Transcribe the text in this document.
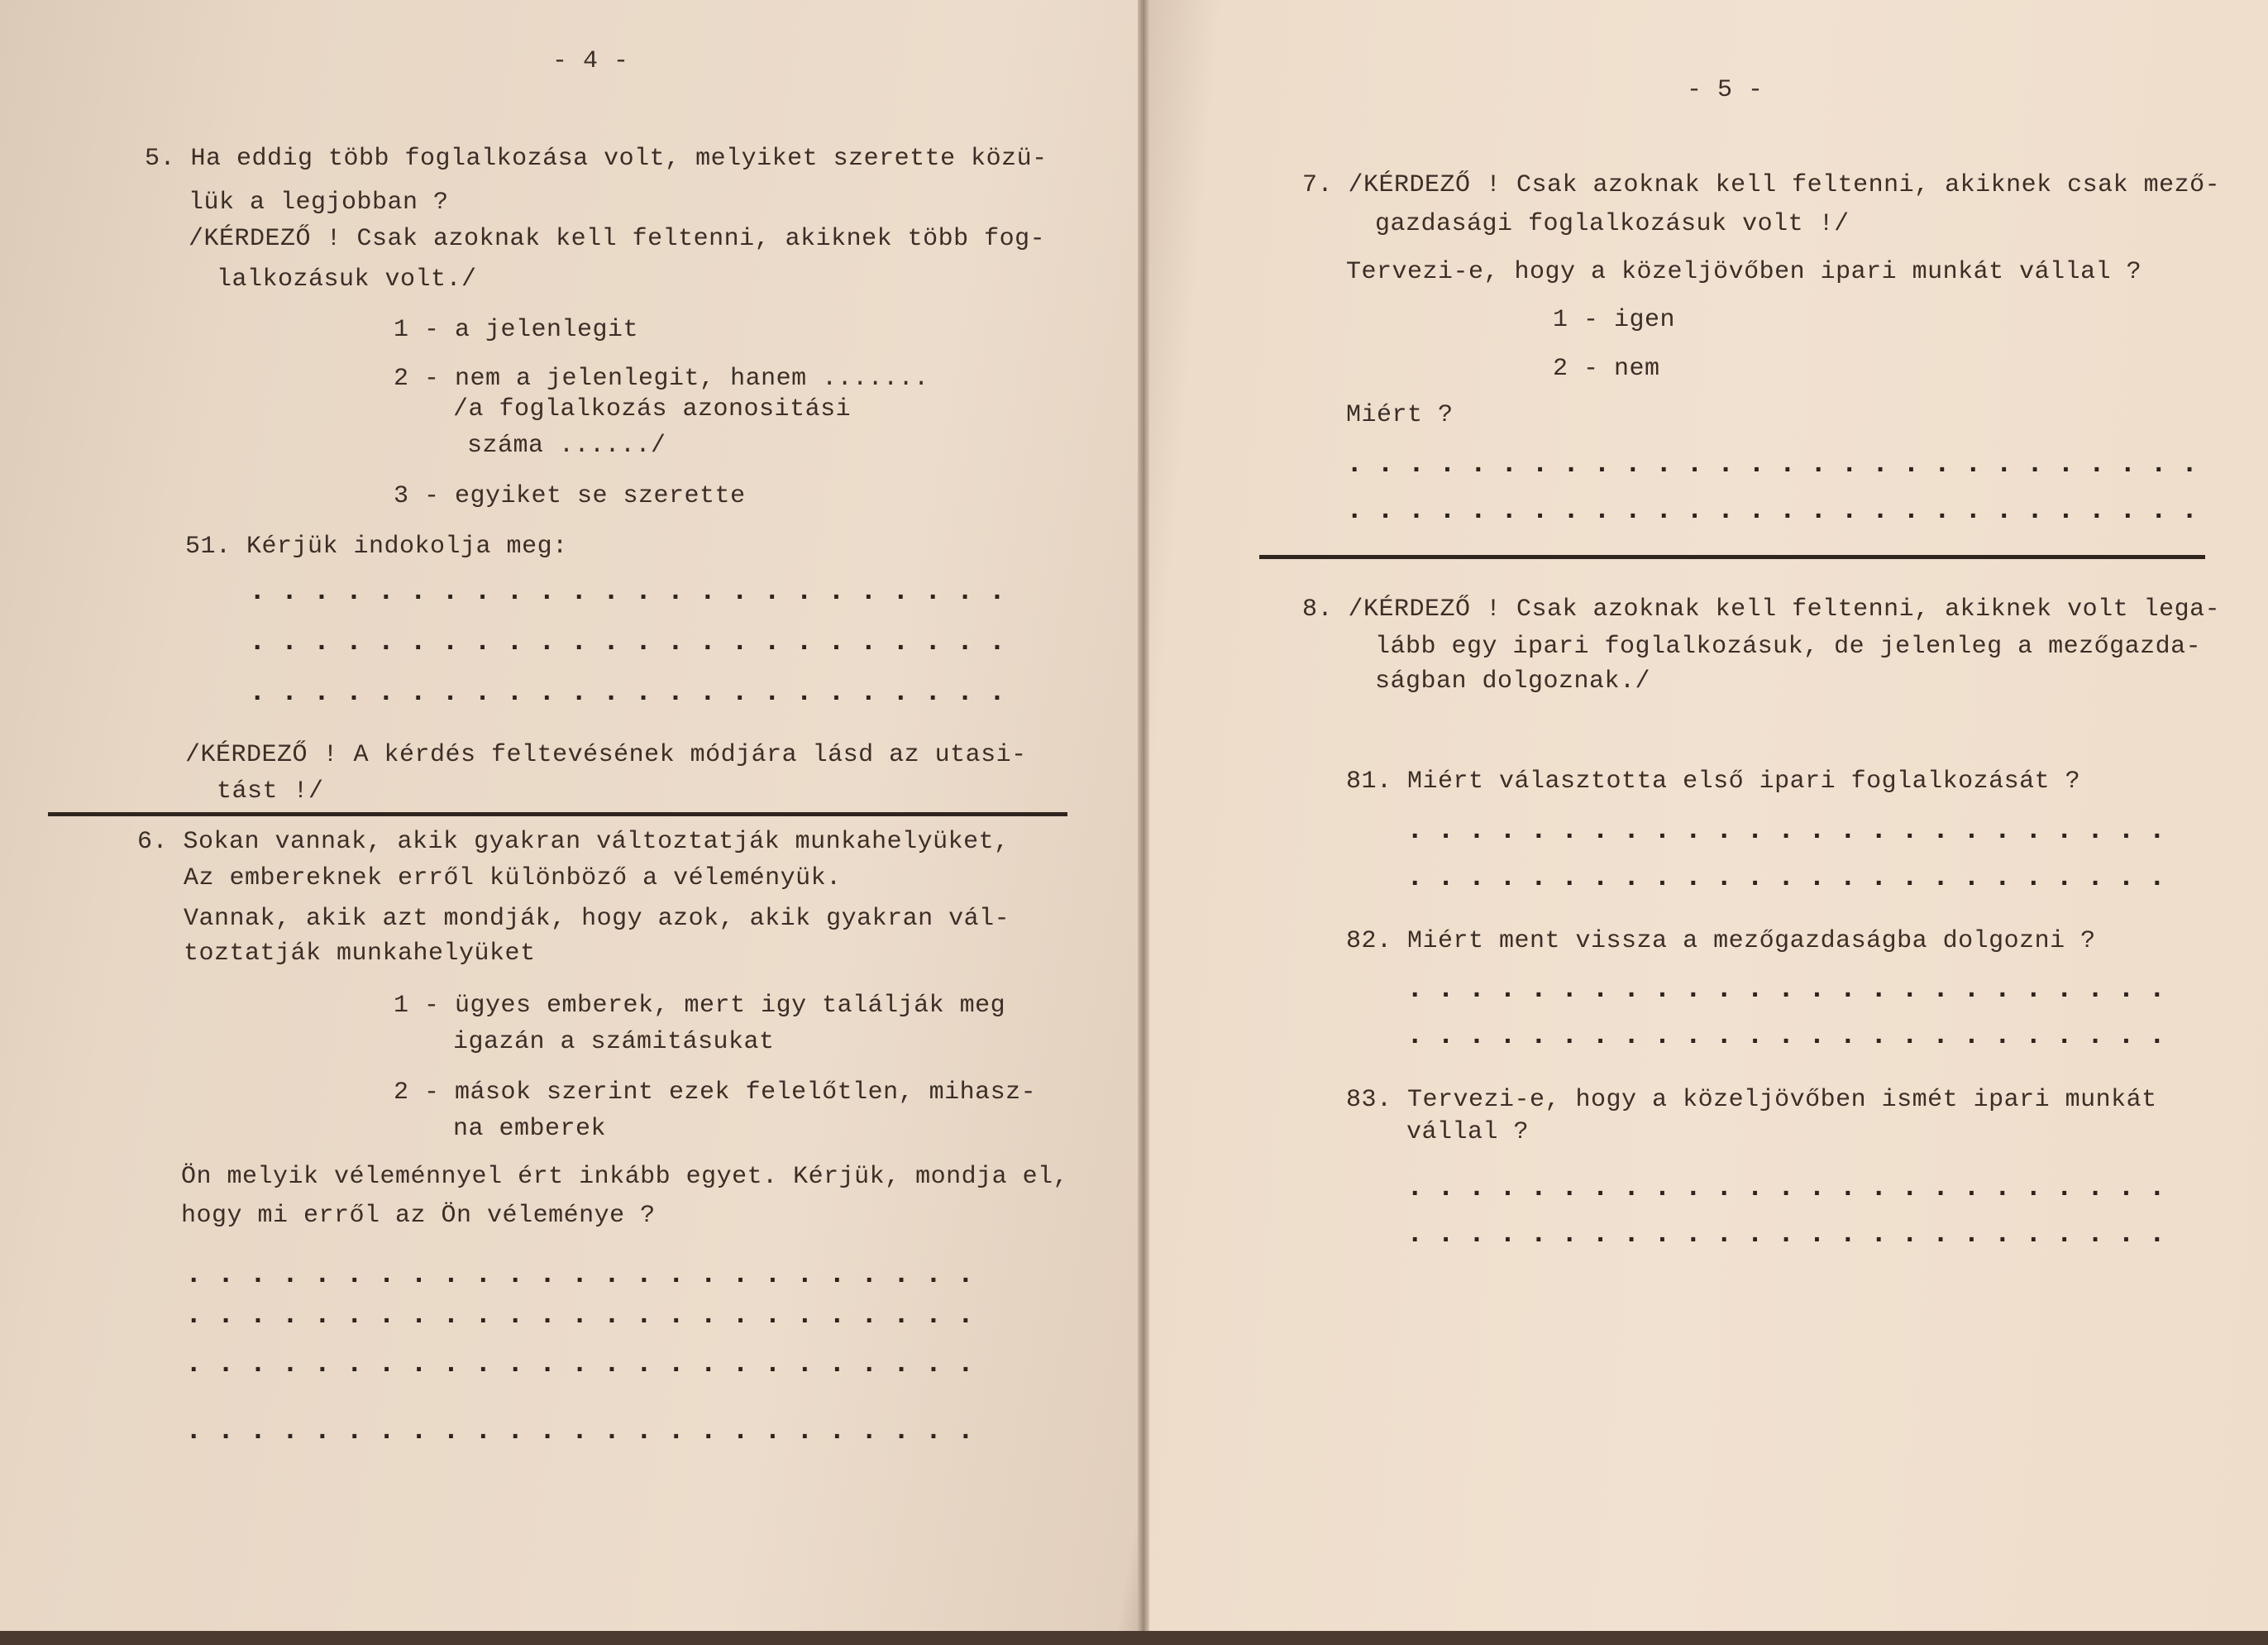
- 4 -
5. Ha eddig több foglalkozása volt, melyiket szerette közü-
lük a legjobban ?
/KÉRDEZŐ ! Csak azoknak kell feltenni, akiknek több fog-
lalkozásuk volt./
1 - a jelenlegit
2 - nem a jelenlegit, hanem .......
/a foglalkozás azonositási
száma ....../
3 - egyiket se szerette
51. Kérjük indokolja meg:
........................
........................
........................
/KÉRDEZŐ ! A kérdés feltevésének módjára lásd az utasi-
tást !/
6. Sokan vannak, akik gyakran változtatják munkahelyüket,
Az embereknek erről különböző a véleményük.
Vannak, akik azt mondják, hogy azok, akik gyakran vál-
toztatják munkahelyüket
1 - ügyes emberek, mert igy találják meg
igazán a számitásukat
2 - mások szerint ezek felelőtlen, mihasz-
na emberek
Ön melyik véleménnyel ért inkább egyet. Kérjük, mondja el,
hogy mi erről az Ön véleménye ?
.........................
.........................
.........................
.........................
- 5 -
7. /KÉRDEZŐ ! Csak azoknak kell feltenni, akiknek csak mező-
gazdasági foglalkozásuk volt !/
Tervezi-e, hogy a közeljövőben ipari munkát vállal ?
1 - igen
2 - nem
Miért ?
............................
............................
8. /KÉRDEZŐ ! Csak azoknak kell feltenni, akiknek volt lega-
lább egy ipari foglalkozásuk, de jelenleg a mezőgazda-
ságban dolgoznak./
81. Miért választotta első ipari foglalkozását ?
.........................
.........................
82. Miért ment vissza a mezőgazdaságba dolgozni ?
.........................
.........................
83. Tervezi-e, hogy a közeljövőben ismét ipari munkát
vállal ?
.........................
.........................
